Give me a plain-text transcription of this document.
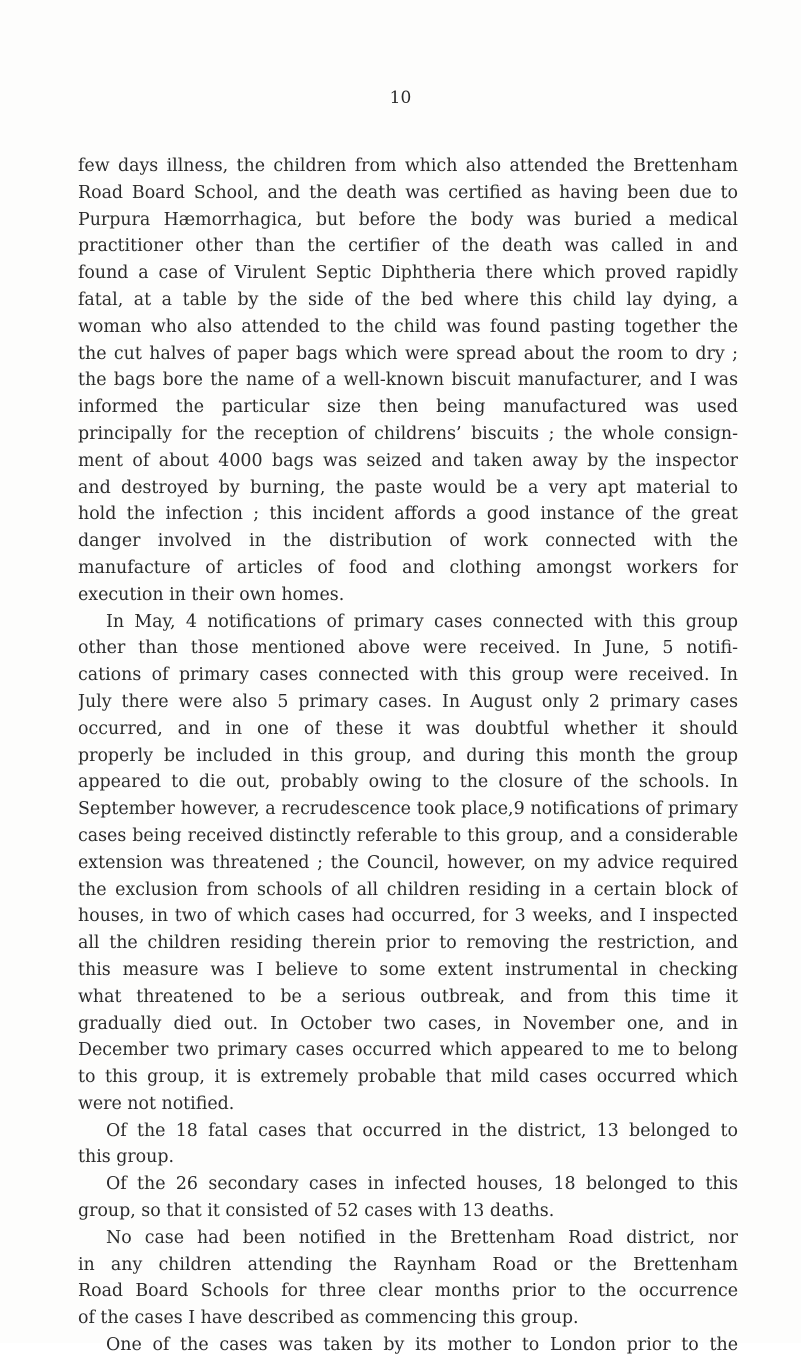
10
few days illness, the children from which also attended the Brettenham
Road Board School, and the death was certified as having been due to
Purpura Hæmorrhagica, but before the body was buried a medical
practitioner other than the certifier of the death was called in and
found a case of Virulent Septic Diphtheria there which proved rapidly
fatal, at a table by the side of the bed where this child lay dying, a
woman who also attended to the child was found pasting together the
the cut halves of paper bags which were spread about the room to dry ;
the bags bore the name of a well-known biscuit manufacturer, and I was
informed the particular size then being manufactured was used
principally for the reception of childrens’ biscuits ; the whole consign-
ment of about 4000 bags was seized and taken away by the inspector
and destroyed by burning, the paste would be a very apt material to
hold the infection ; this incident affords a good instance of the great
danger involved in the distribution of work connected with the
manufacture of articles of food and clothing amongst workers for
execution in their own homes.
In May, 4 notifications of primary cases connected with this group
other than those mentioned above were received. In June, 5 notifi-
cations of primary cases connected with this group were received. In
July there were also 5 primary cases. In August only 2 primary cases
occurred, and in one of these it was doubtful whether it should
properly be included in this group, and during this month the group
appeared to die out, probably owing to the closure of the schools. In
September however, a recrudescence took place,9 notifications of primary
cases being received distinctly referable to this group, and a considerable
extension was threatened ; the Council, however, on my advice required
the exclusion from schools of all children residing in a certain block of
houses, in two of which cases had occurred, for 3 weeks, and I inspected
all the children residing therein prior to removing the restriction, and
this measure was I believe to some extent instrumental in checking
what threatened to be a serious outbreak, and from this time it
gradually died out. In October two cases, in November one, and in
December two primary cases occurred which appeared to me to belong
to this group, it is extremely probable that mild cases occurred which
were not notified.
Of the 18 fatal cases that occurred in the district, 13 belonged to
this group.
Of the 26 secondary cases in infected houses, 18 belonged to this
group, so that it consisted of 52 cases with 13 deaths.
No case had been notified in the Brettenham Road district, nor
in any children attending the Raynham Road or the Brettenham
Road Board Schools for three clear months prior to the occurrence
of the cases I have described as commencing this group.
One of the cases was taken by its mother to London prior to the
